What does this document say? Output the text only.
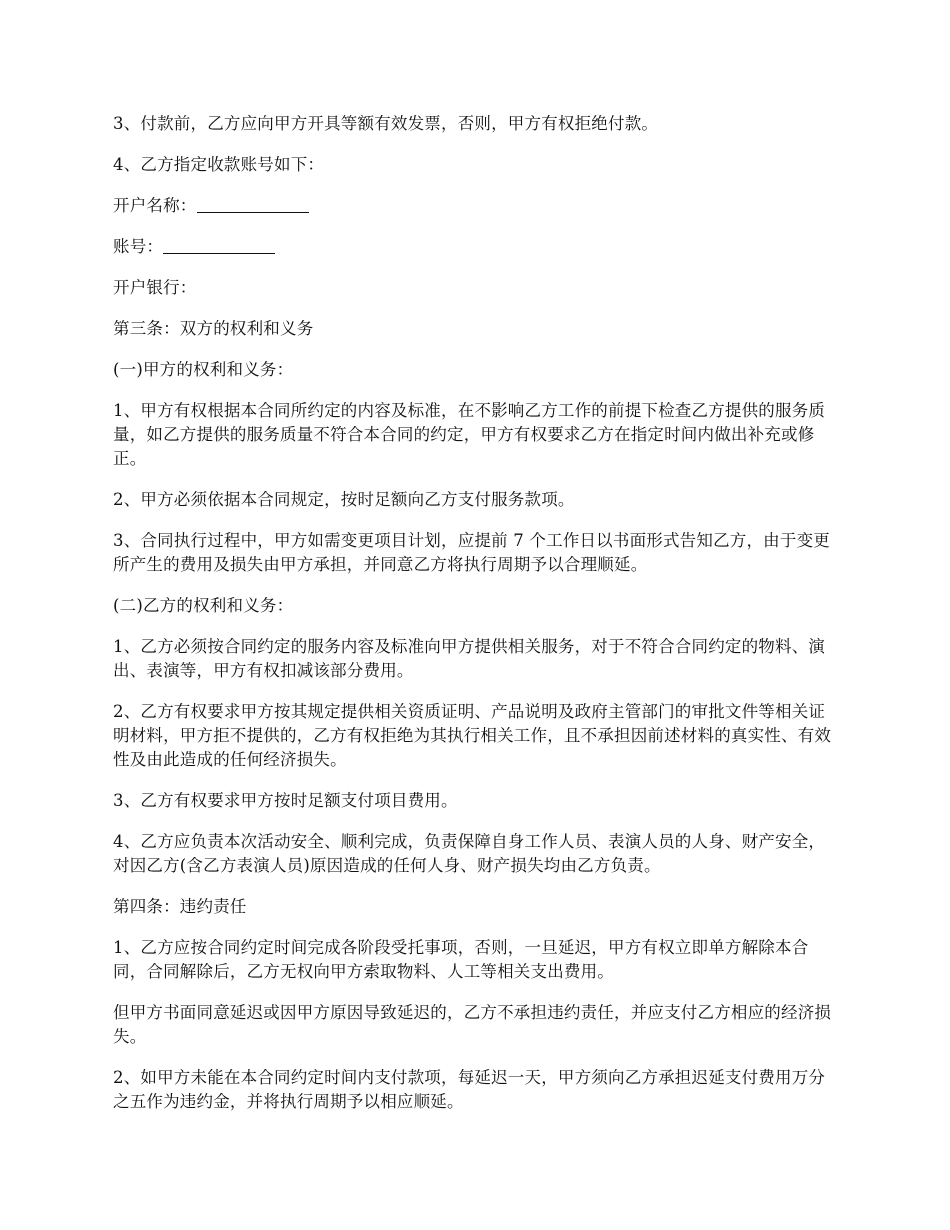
3、付款前，乙方应向甲方开具等额有效发票，否则，甲方有权拒绝付款。

4、乙方指定收款账号如下：

开户名称：

账号：

开户银行：

第三条：双方的权利和义务

(一)甲方的权利和义务：

1、甲方有权根据本合同所约定的内容及标准，在不影响乙方工作的前提下检查乙方提供的服务质量，如乙方提供的服务质量不符合本合同的约定，甲方有权要求乙方在指定时间内做出补充或修正。

2、甲方必须依据本合同规定，按时足额向乙方支付服务款项。

3、合同执行过程中，甲方如需变更项目计划，应提前 7 个工作日以书面形式告知乙方，由于变更所产生的费用及损失由甲方承担，并同意乙方将执行周期予以合理顺延。

(二)乙方的权利和义务：

1、乙方必须按合同约定的服务内容及标准向甲方提供相关服务，对于不符合合同约定的物料、演出、表演等，甲方有权扣减该部分费用。

2、乙方有权要求甲方按其规定提供相关资质证明、产品说明及政府主管部门的审批文件等相关证明材料，甲方拒不提供的，乙方有权拒绝为其执行相关工作，且不承担因前述材料的真实性、有效性及由此造成的任何经济损失。

3、乙方有权要求甲方按时足额支付项目费用。

4、乙方应负责本次活动安全、顺利完成，负责保障自身工作人员、表演人员的人身、财产安全，对因乙方(含乙方表演人员)原因造成的任何人身、财产损失均由乙方负责。

第四条：违约责任

1、乙方应按合同约定时间完成各阶段受托事项，否则，一旦延迟，甲方有权立即单方解除本合同，合同解除后，乙方无权向甲方索取物料、人工等相关支出费用。

但甲方书面同意延迟或因甲方原因导致延迟的，乙方不承担违约责任，并应支付乙方相应的经济损失。

2、如甲方未能在本合同约定时间内支付款项，每延迟一天，甲方须向乙方承担迟延支付费用万分之五作为违约金，并将执行周期予以相应顺延。
